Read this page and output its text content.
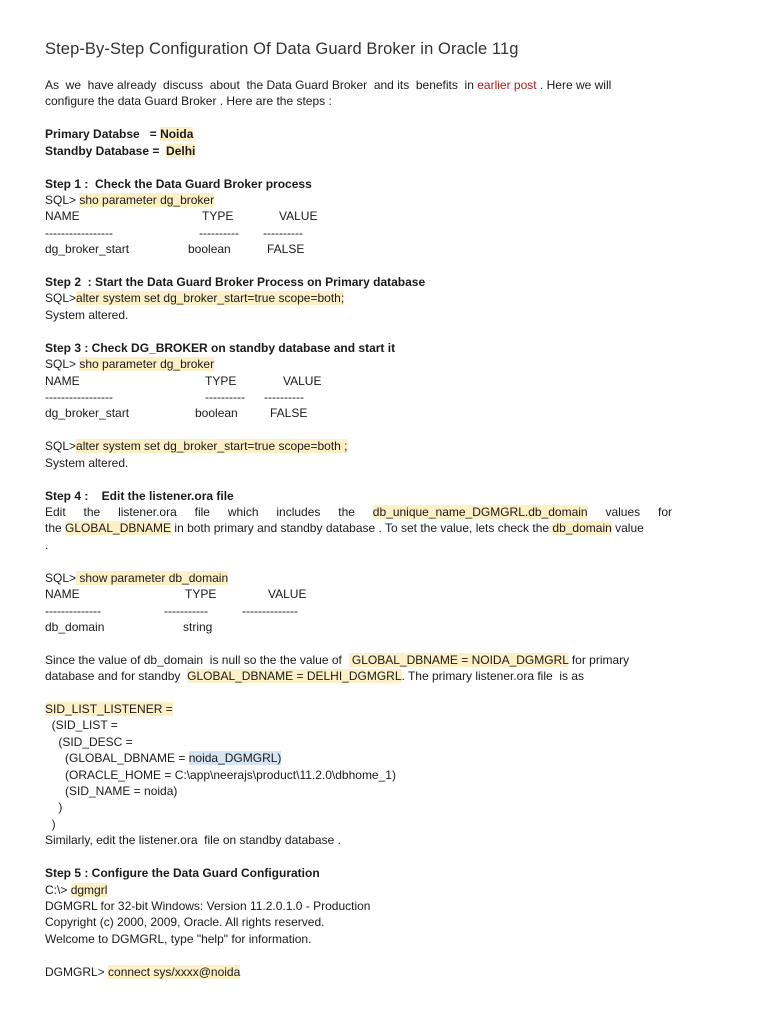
Step-By-Step Configuration Of Data Guard Broker in Oracle 11g
As  we  have already  discuss  about  the Data Guard Broker  and its  benefits  in earlier post . Here we will
configure the data Guard Broker . Here are the steps :
Primary Databse   = Noida
Standby Database =  Delhi
Step 1 :  Check the Data Guard Broker process
SQL> sho parameter dg_broker
NAME	TYPE	VALUE
-----------------	---------- ----------
dg_broker_start	boolean	FALSE
Step 2  : Start the Data Guard Broker Process on Primary database
SQL>alter system set dg_broker_start=true scope=both;
System altered.
Step 3 : Check DG_BROKER on standby database and start it
SQL> sho parameter dg_broker
NAME	TYPE	VALUE
-----------------	---------- ----------
dg_broker_start	boolean	FALSE
SQL>alter system set dg_broker_start=true scope=both ;
System altered.
Step 4 :    Edit the listener.ora file
Edit the listener.ora file which includes the db_unique_name_DGMGRL.db_domain values for
the GLOBAL_DBNAME in both primary and standby database . To set the value, lets check the db_domain value
.
SQL> show parameter db_domain
NAME	TYPE	VALUE
--------------	-----------	--------------
db_domain	string
Since the value of db_domain  is null so the the value of   GLOBAL_DBNAME = NOIDA_DGMGRL for primary
database and for standby  GLOBAL_DBNAME = DELHI_DGMGRL. The primary listener.ora file  is as
SID_LIST_LISTENER =
(SID_LIST =
(SID_DESC =
(GLOBAL_DBNAME = noida_DGMGRL)
(ORACLE_HOME = C:\app\neerajs\product\11.2.0\dbhome_1)
(SID_NAME = noida)
)
)
Similarly, edit the listener.ora  file on standby database .
Step 5 : Configure the Data Guard Configuration
C:\> dgmgrl
DGMGRL for 32-bit Windows: Version 11.2.0.1.0 - Production
Copyright (c) 2000, 2009, Oracle. All rights reserved.
Welcome to DGMGRL, type "help" for information.
DGMGRL> connect sys/xxxx@noida
